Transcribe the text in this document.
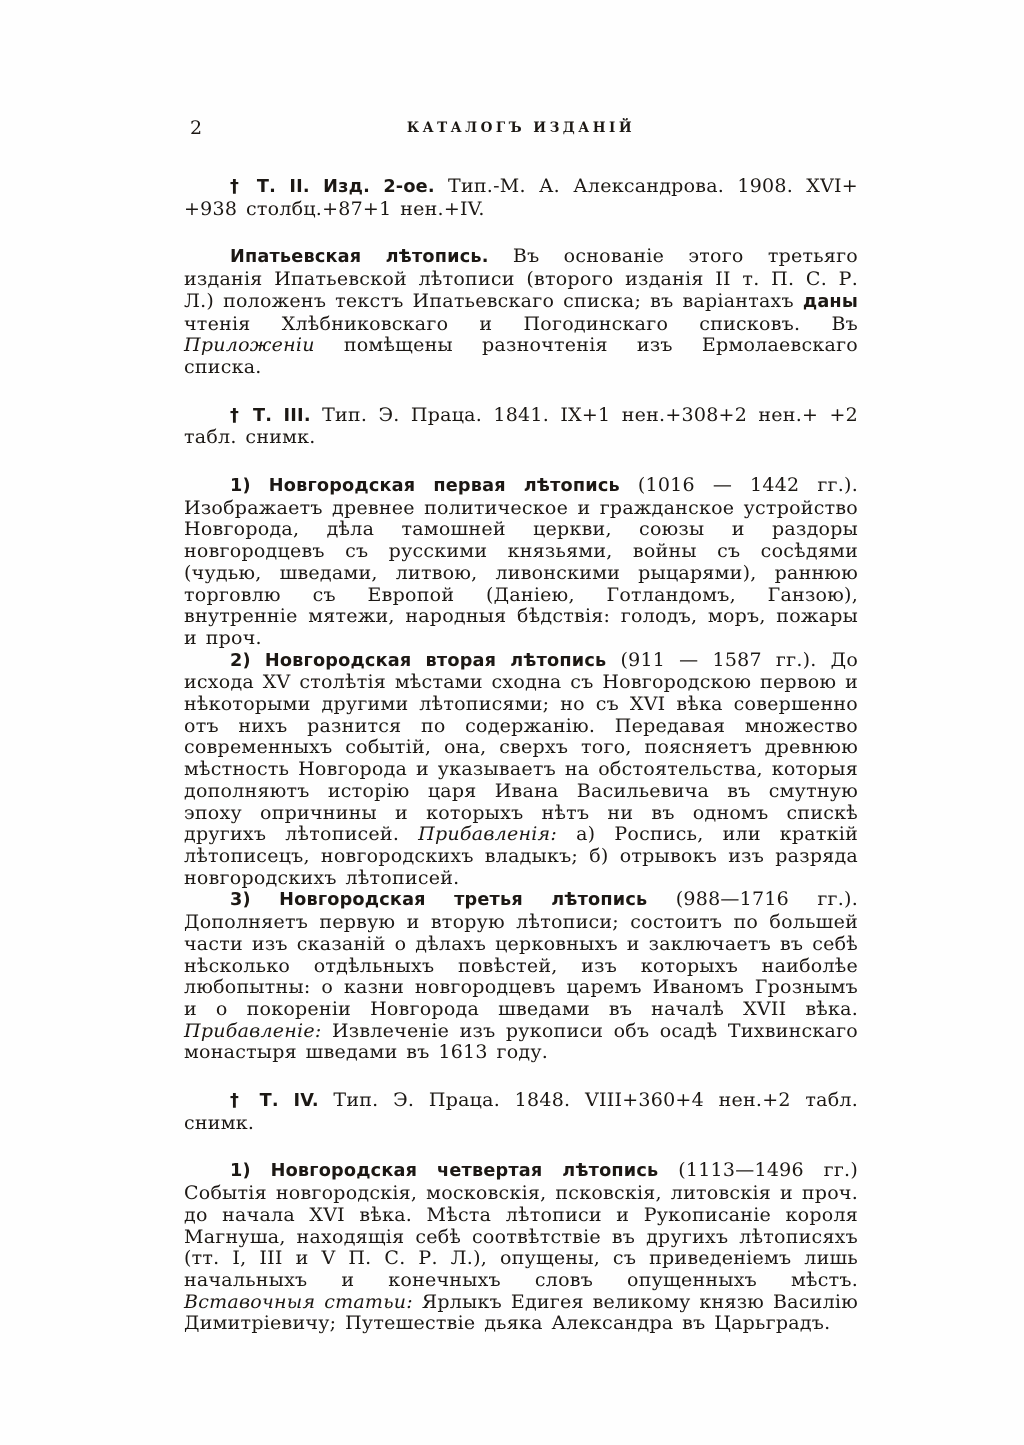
2	КАТАЛОГЪ ИЗДАНІЙ

† Т. II. Изд. 2-ое. Тип.-М. А. Александрова. 1908. XVI+ +938 столбц.+87+1 нен.+IV.

Ипатьевская лѣтопись. Въ основаніе этого третьяго изданія Ипатьевской лѣтописи (второго изданія II т. П. С. Р. Л.) положенъ текстъ Ипатьевскаго списка; въ варіантахъ даны чтенія Хлѣбниковскаго и Погодинскаго списковъ. Въ Приложеніи помѣщены разночтенія изъ Ермолаевскаго списка.

† Т. III. Тип. Э. Праца. 1841. IX+1 нен.+308+2 нен.+ +2 табл. снимк.

1) Новгородская первая лѣтопись (1016 — 1442 гг.). Изображаетъ древнее политическое и гражданское устройство Новгорода, дѣла тамошней церкви, союзы и раздоры новгородцевъ съ русскими князьями, войны съ сосѣдями (чудью, шведами, литвою, ливонскими рыцарями), раннюю торговлю съ Европой (Даніею, Готландомъ, Ганзою), внутренніе мятежи, народныя бѣдствія: голодъ, моръ, пожары и проч.

2) Новгородская вторая лѣтопись (911 — 1587 гг.). До исхода XV столѣтія мѣстами сходна съ Новгородскою первою и нѣкоторыми другими лѣтописями; но съ XVI вѣка совершенно отъ нихъ разнится по содержанію. Передавая множество современныхъ событій, она, сверхъ того, поясняетъ древнюю мѣстность Новгорода и указываетъ на обстоятельства, которыя дополняютъ исторію царя Ивана Васильевича въ смутную эпоху опричнины и которыхъ нѣтъ ни въ одномъ спискѣ другихъ лѣтописей. Прибавленія: а) Роспись, или краткій лѣтописецъ, новгородскихъ владыкъ; б) отрывокъ изъ разряда новгородскихъ лѣтописей.

3) Новгородская третья лѣтопись (988—1716 гг.). Дополняетъ первую и вторую лѣтописи; состоитъ по большей части изъ сказаній о дѣлахъ церковныхъ и заключаетъ въ себѣ нѣсколько отдѣльныхъ повѣстей, изъ которыхъ наиболѣе любопытны: о казни новгородцевъ царемъ Иваномъ Грознымъ и о покореніи Новгорода шведами въ началѣ XVII вѣка. Прибавленіе: Извлеченіе изъ рукописи объ осадѣ Тихвинскаго монастыря шведами въ 1613 году.

† Т. IV. Тип. Э. Праца. 1848. VIII+360+4 нен.+2 табл. снимк.

1) Новгородская четвертая лѣтопись (1113—1496 гг.) Событія новгородскія, московскія, псковскія, литовскія и проч. до начала XVI вѣка. Мѣста лѣтописи и Рукописаніе короля Магнуша, находящія себѣ соотвѣтствіе въ другихъ лѣтописяхъ (тт. I, III и V П. С. Р. Л.), опущены, съ приведеніемъ лишь начальныхъ и конечныхъ словъ опущенныхъ мѣстъ. Вставочныя статьи: Ярлыкъ Едигея великому князю Василію Димитріевичу; Путешествіе дьяка Александра въ Царьградъ.
